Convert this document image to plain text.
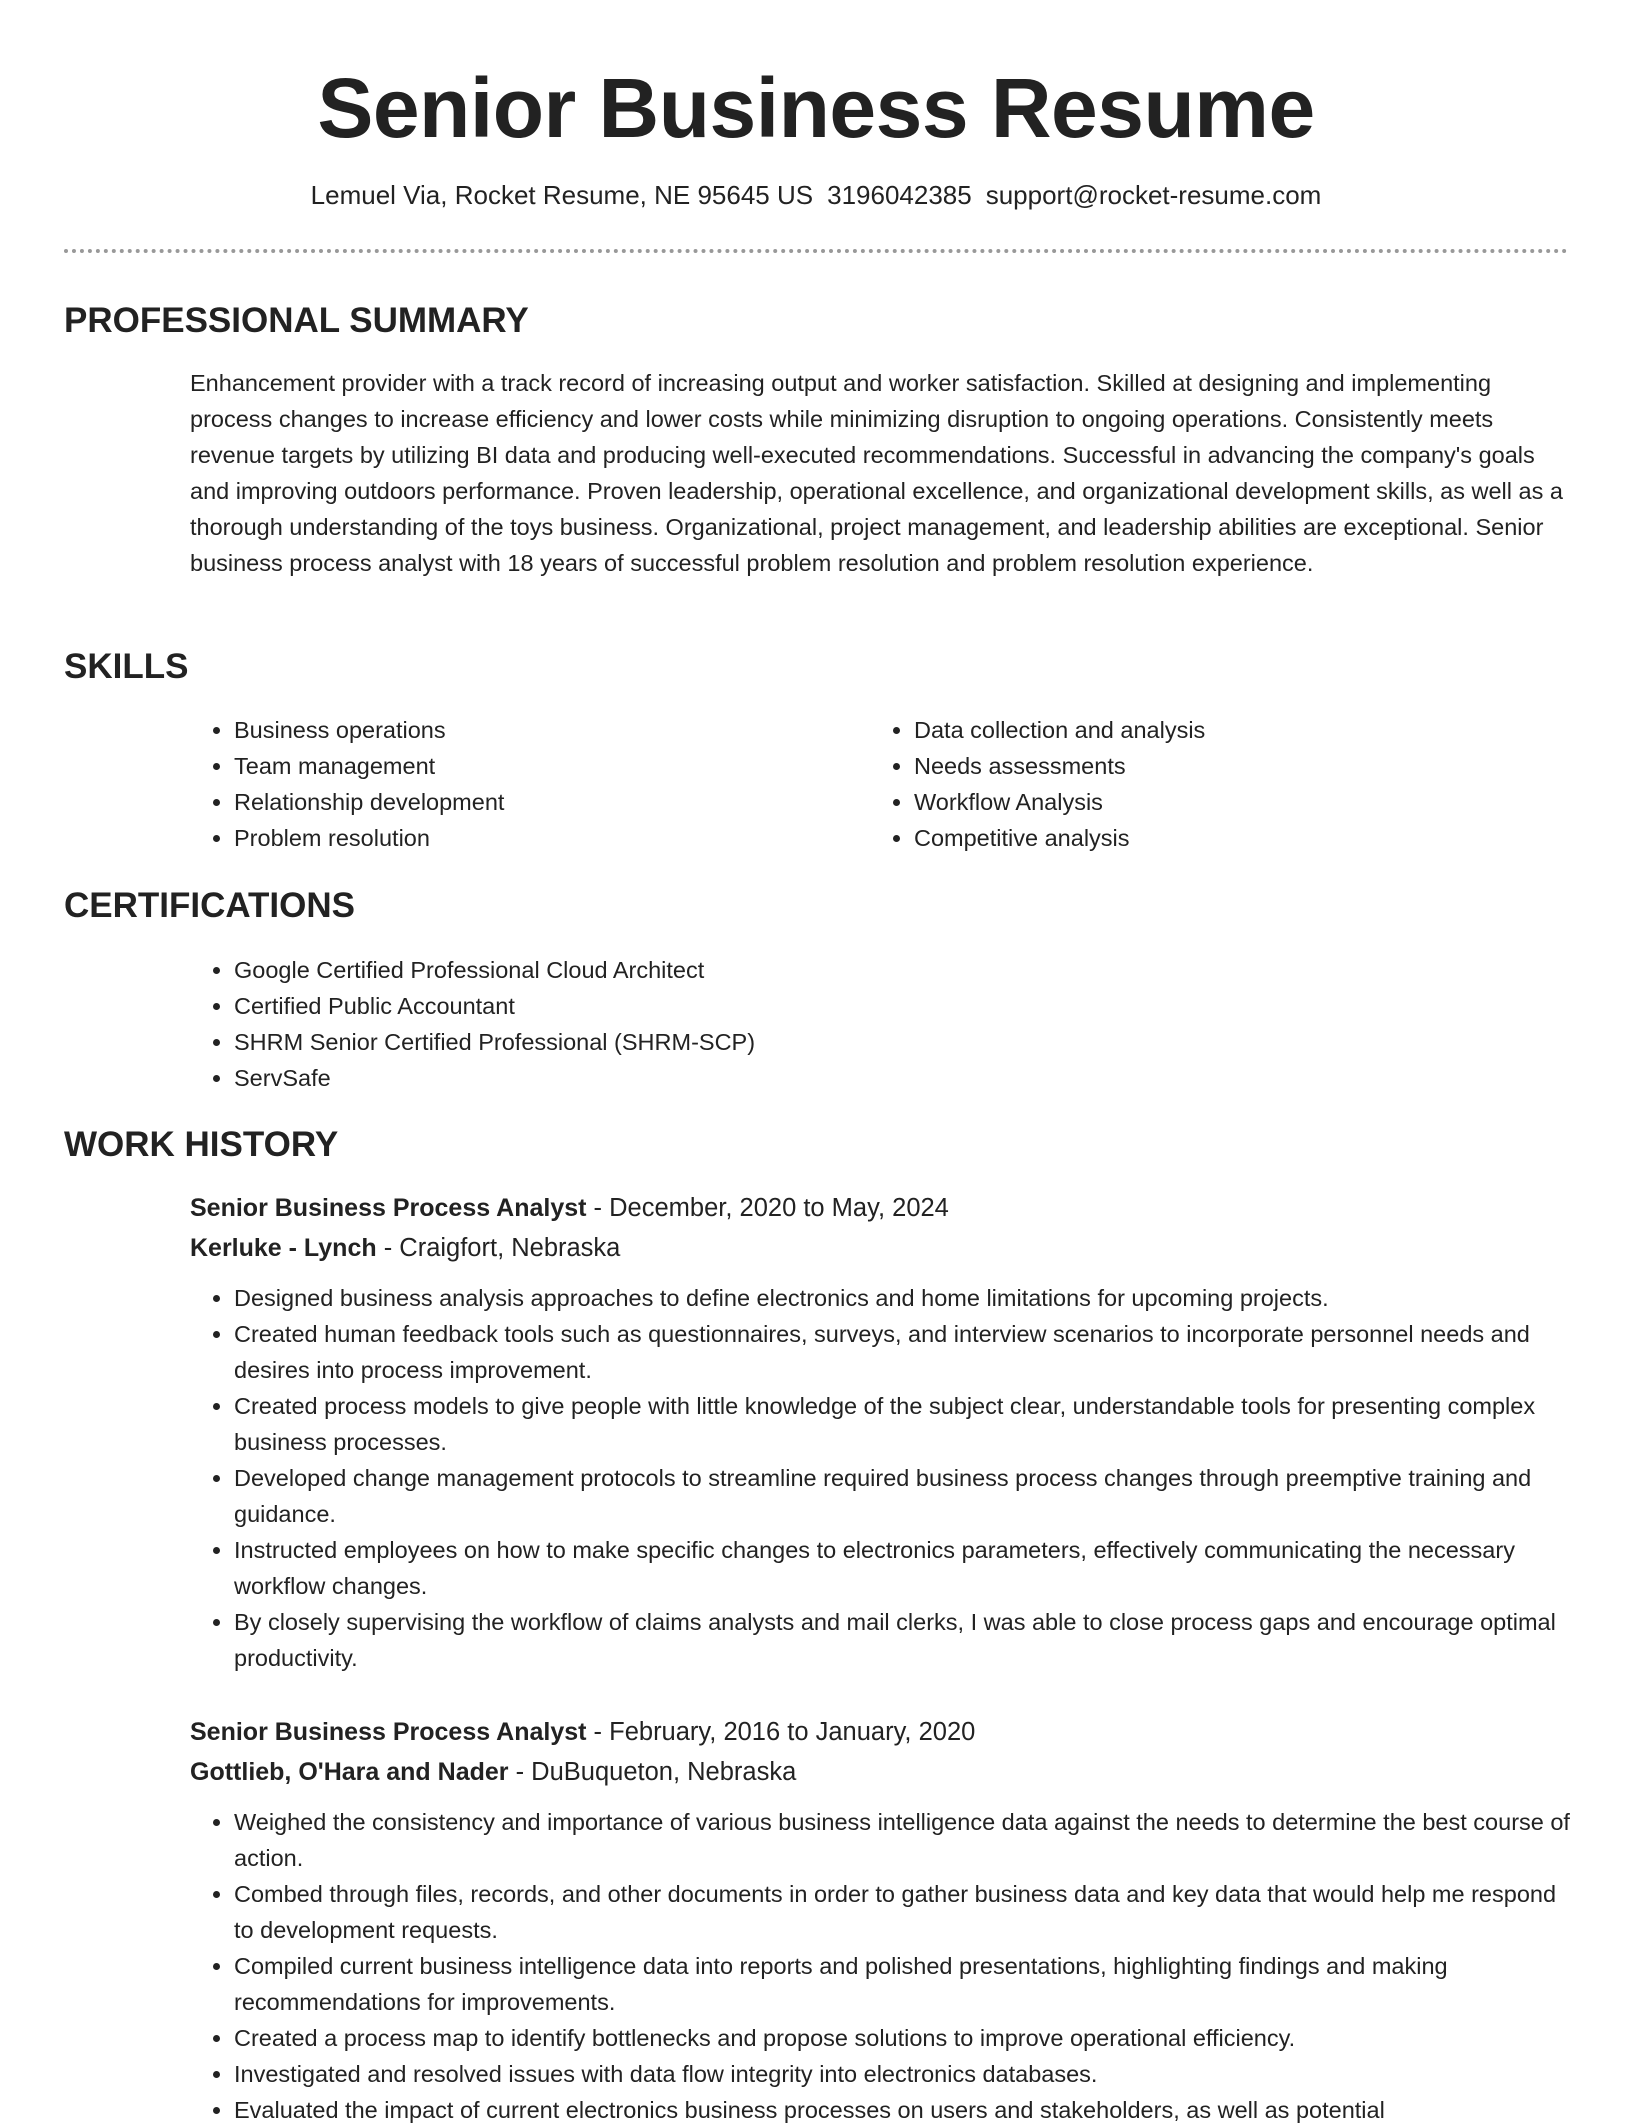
Senior Business Resume
Lemuel Via, Rocket Resume, NE 95645 US 3196042385 support@rocket-resume.com
PROFESSIONAL SUMMARY

Enhancement provider with a track record of increasing output and worker satisfaction. Skilled at designing and implementing process changes to increase efficiency and lower costs while minimizing disruption to ongoing operations. Consistently meets revenue targets by utilizing BI data and producing well-executed recommendations. Successful in advancing the company's goals and improving outdoors performance. Proven leadership, operational excellence, and organizational development skills, as well as a thorough understanding of the toys business. Organizational, project management, and leadership abilities are exceptional. Senior business process analyst with 18 years of successful problem resolution and problem resolution experience.

SKILLS
• Business operations
• Team management
• Relationship development
• Problem resolution
• Data collection and analysis
• Needs assessments
• Workflow Analysis
• Competitive analysis
CERTIFICATIONS
• Google Certified Professional Cloud Architect
• Certified Public Accountant
• SHRM Senior Certified Professional (SHRM-SCP)
• ServSafe
WORK HISTORY

Senior Business Process Analyst - December, 2020 to May, 2024

Kerluke - Lynch - Craigfort, Nebraska

• Designed business analysis approaches to define electronics and home limitations for upcoming projects.
• Created human feedback tools such as questionnaires, surveys, and interview scenarios to incorporate personnel needs and desires into process improvement.
• Created process models to give people with little knowledge of the subject clear, understandable tools for presenting complex business processes.
• Developed change management protocols to streamline required business process changes through preemptive training and guidance.
• Instructed employees on how to make specific changes to electronics parameters, effectively communicating the necessary workflow changes.
• By closely supervising the workflow of claims analysts and mail clerks, I was able to close process gaps and encourage optimal productivity.

Senior Business Process Analyst - February, 2016 to January, 2020

Gottlieb, O'Hara and Nader - DuBuqueton, Nebraska

• Weighed the consistency and importance of various business intelligence data against the needs to determine the best course of action.
• Combed through files, records, and other documents in order to gather business data and key data that would help me respond to development requests.
• Compiled current business intelligence data into reports and polished presentations, highlighting findings and making recommendations for improvements.
• Created a process map to identify bottlenecks and propose solutions to improve operational efficiency.
• Investigated and resolved issues with data flow integrity into electronics databases.
• Evaluated the impact of current electronics business processes on users and stakeholders, as well as potential
